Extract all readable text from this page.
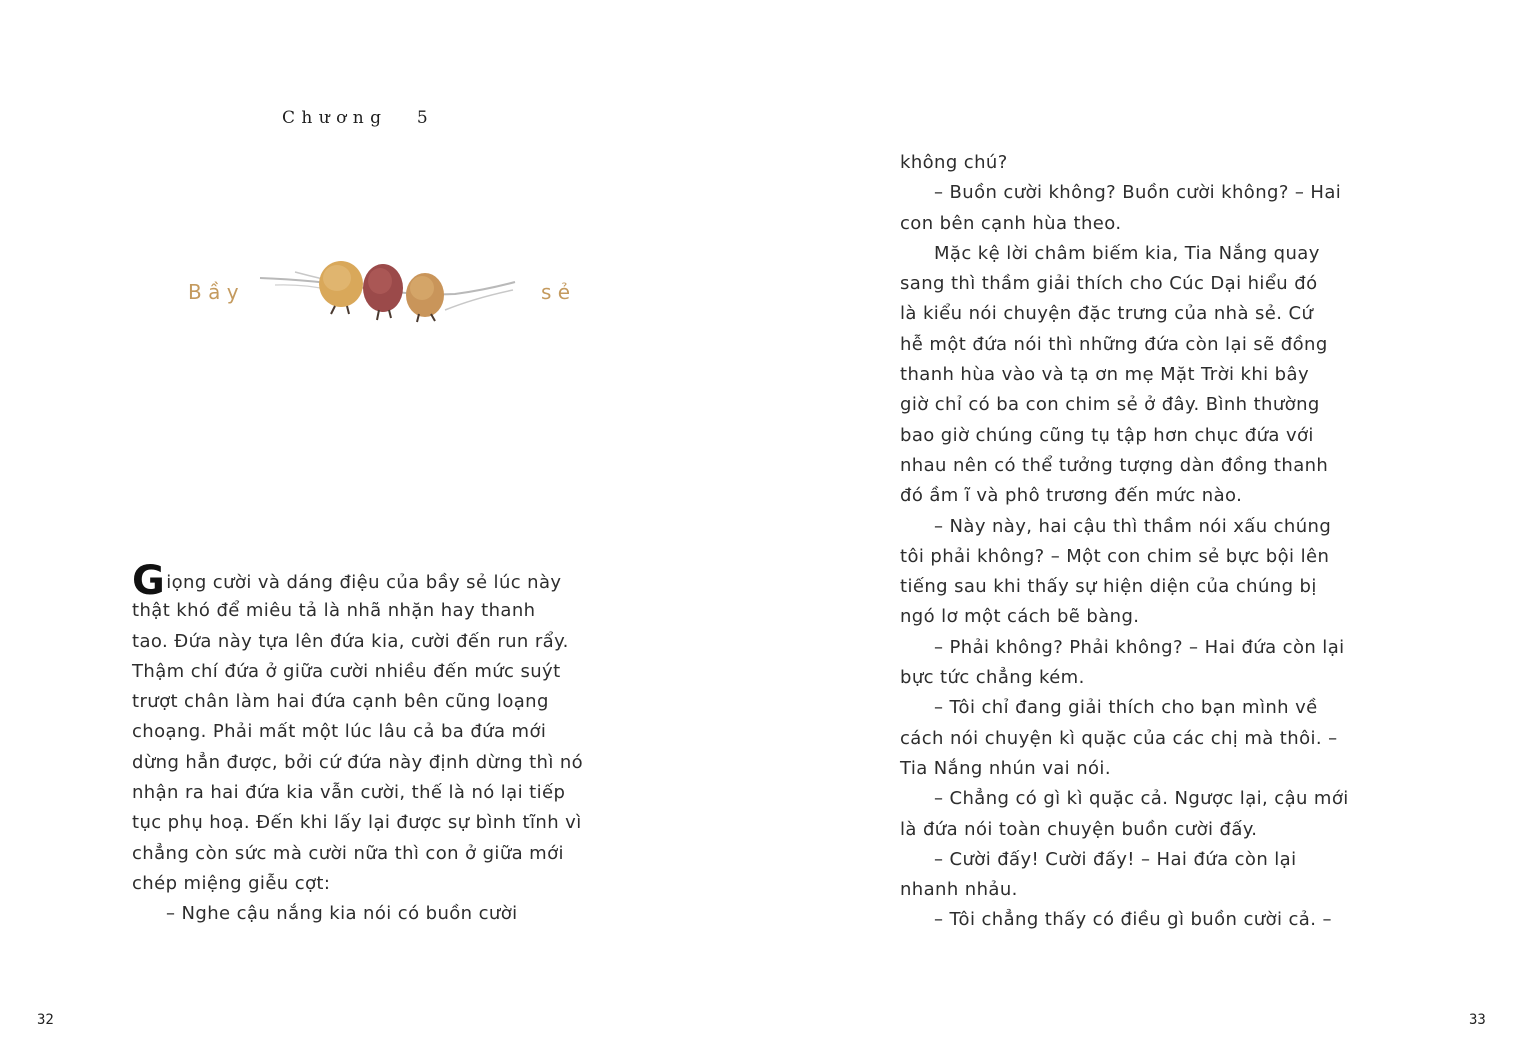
C h ư ơ n g      5
B ầ y	s ẻ
Giọng cười và dáng điệu của bầy sẻ lúc này
thật khó để miêu tả là nhã nhặn hay thanh
tao. Đứa này tựa lên đứa kia, cười đến run rẩy.
Thậm chí đứa ở giữa cười nhiều đến mức suýt
trượt chân làm hai đứa cạnh bên cũng loạng
choạng. Phải mất một lúc lâu cả ba đứa mới
dừng hẳn được, bởi cứ đứa này định dừng thì nó
nhận ra hai đứa kia vẫn cười, thế là nó lại tiếp
tục phụ hoạ. Đến khi lấy lại được sự bình tĩnh vì
chẳng còn sức mà cười nữa thì con ở giữa mới
chép miệng giễu cợt:
– Nghe cậu nắng kia nói có buồn cười
32
không chú?
– Buồn cười không? Buồn cười không? – Hai
con bên cạnh hùa theo.
Mặc kệ lời châm biếm kia, Tia Nắng quay
sang thì thầm giải thích cho Cúc Dại hiểu đó
là kiểu nói chuyện đặc trưng của nhà sẻ. Cứ
hễ một đứa nói thì những đứa còn lại sẽ đồng
thanh hùa vào và tạ ơn mẹ Mặt Trời khi bây
giờ chỉ có ba con chim sẻ ở đây. Bình thường
bao giờ chúng cũng tụ tập hơn chục đứa với
nhau nên có thể tưởng tượng dàn đồng thanh
đó ầm ĩ và phô trương đến mức nào.
– Này này, hai cậu thì thầm nói xấu chúng
tôi phải không? – Một con chim sẻ bực bội lên
tiếng sau khi thấy sự hiện diện của chúng bị
ngó lơ một cách bẽ bàng.
– Phải không? Phải không? – Hai đứa còn lại
bực tức chẳng kém.
– Tôi chỉ đang giải thích cho bạn mình về
cách nói chuyện kì quặc của các chị mà thôi. –
Tia Nắng nhún vai nói.
– Chẳng có gì kì quặc cả. Ngược lại, cậu mới
là đứa nói toàn chuyện buồn cười đấy.
– Cười đấy! Cười đấy! – Hai đứa còn lại
nhanh nhảu.
– Tôi chẳng thấy có điều gì buồn cười cả. –
33
